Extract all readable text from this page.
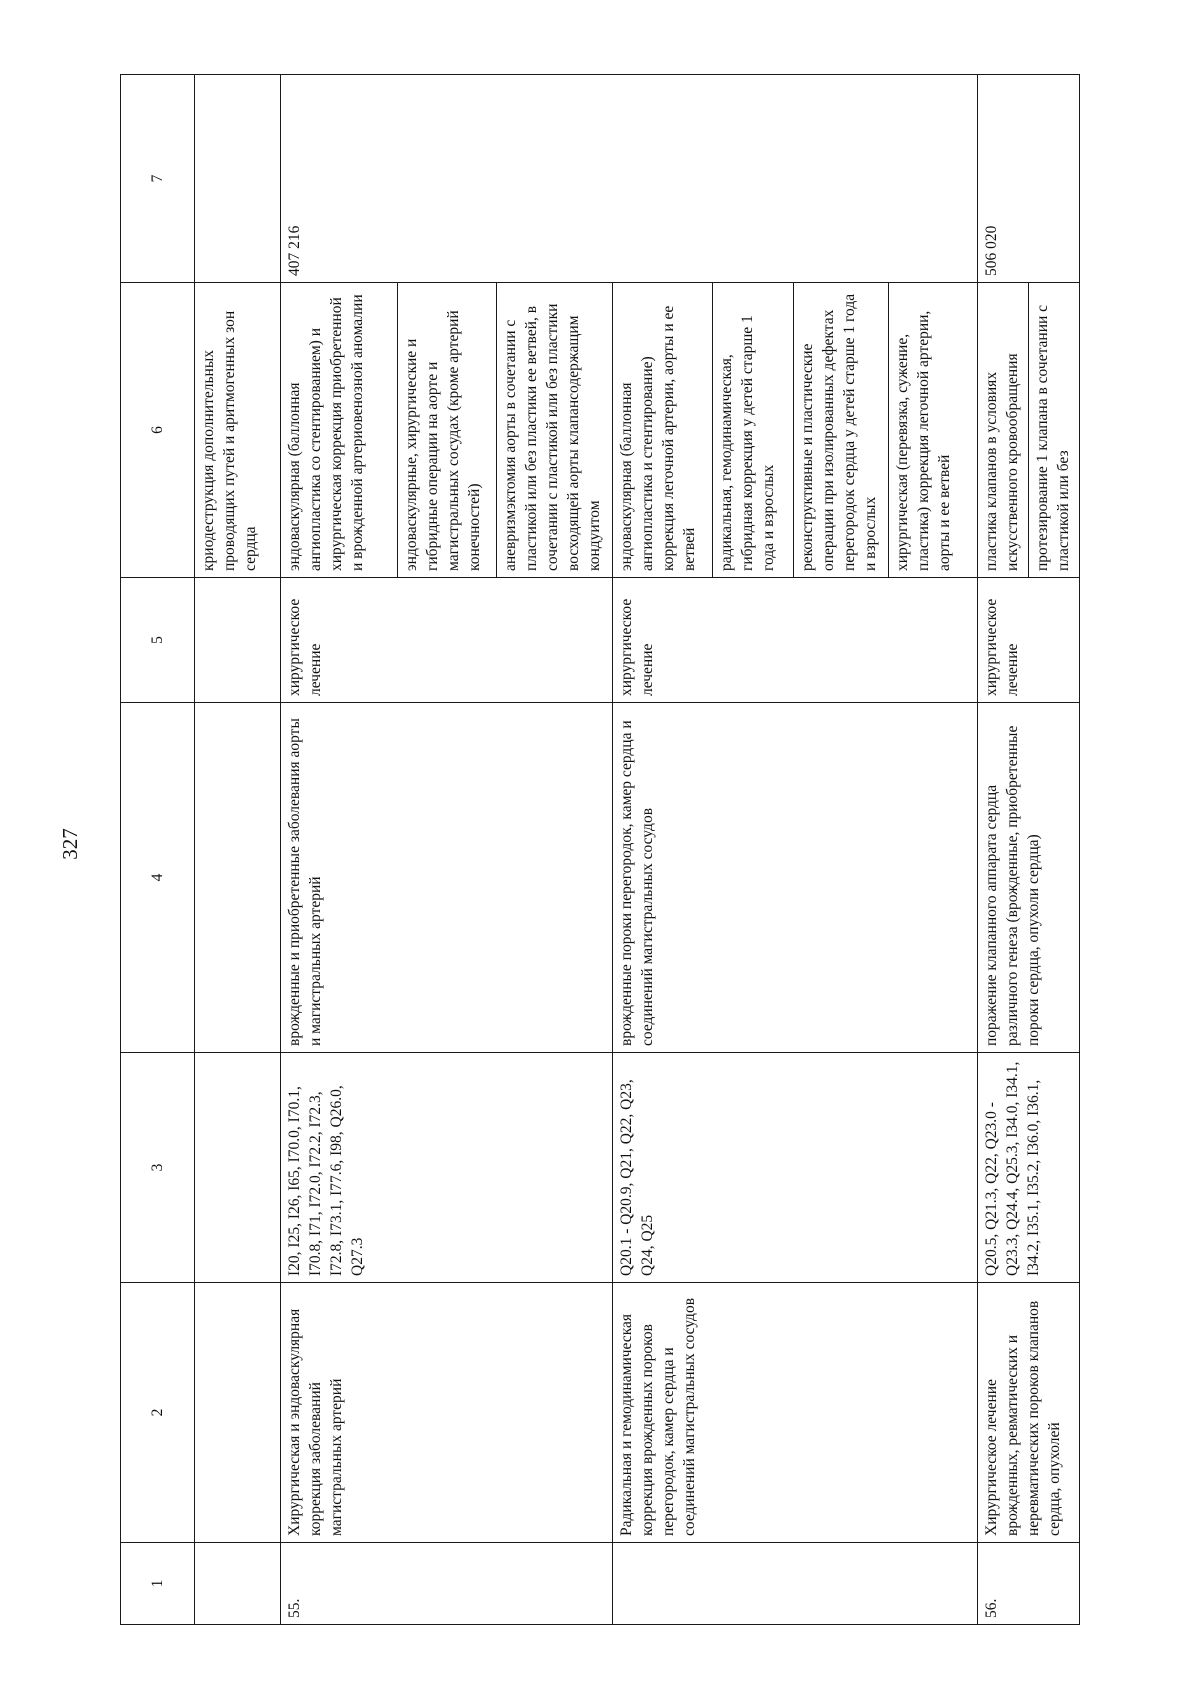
327
1	2	3	4	5	6	7
					криодеструкция дополнительных проводящих путей и аритмогенных зон сердца	
55.	Хирургическая и эндоваскулярная коррекция заболеваний магистральных артерий	I20, I25, I26, I65, I70.0, I70.1, I70.8, I71, I72.0, I72.2, I72.3, I72.8, I73.1, I77.6, I98, Q26.0, Q27.3	врожденные и приобретенные заболевания аорты и магистральных артерий	хирургическое лечение	эндоваскулярная (баллонная ангиопластика со стентированием) и хирургическая коррекция приобретенной и врожденной артериовенозной аномалии	407 216
					эндоваскулярные, хирургические и гибридные операции на аорте и магистральных сосудах (кроме артерий конечностей)	
					аневризмэктомия аорты в сочетании с пластикой или без пластики ее ветвей, в сочетании с пластикой или без пластики восходящей аорты клапансодержащим кондуитом	
	Радикальная и гемодинамическая коррекция врожденных пороков перегородок, камер сердца и соединений магистральных сосудов	Q20.1 - Q20.9, Q21, Q22, Q23, Q24, Q25	врожденные пороки перегородок, камер сердца и соединений магистральных сосудов	хирургическое лечение	эндоваскулярная (баллонная ангиопластика и стентирование) коррекция легочной артерии, аорты и ее ветвей	
					радикальная, гемодинамическая, гибридная коррекция у детей старше 1 года и взрослых	
					реконструктивные и пластические операции при изолированных дефектах перегородок сердца у детей старше 1 года и взрослых	
					хирургическая (перевязка, сужение, пластика) коррекция легочной артерии, аорты и ее ветвей	
56.	Хирургическое лечение врожденных, ревматических и неревматических пороков клапанов сердца, опухолей	Q20.5, Q21.3, Q22, Q23.0 - Q23.3, Q24.4, Q25.3, I34.0, I34.1, I34.2, I35.1, I35.2, I36.0, I36.1,	поражение клапанного аппарата сердца различного генеза (врожденные, приобретенные пороки сердца, опухоли сердца)	хирургическое лечение	пластика клапанов в условиях искусственного кровообращения	506 020
					протезирование 1 клапана в сочетании с пластикой или без	
